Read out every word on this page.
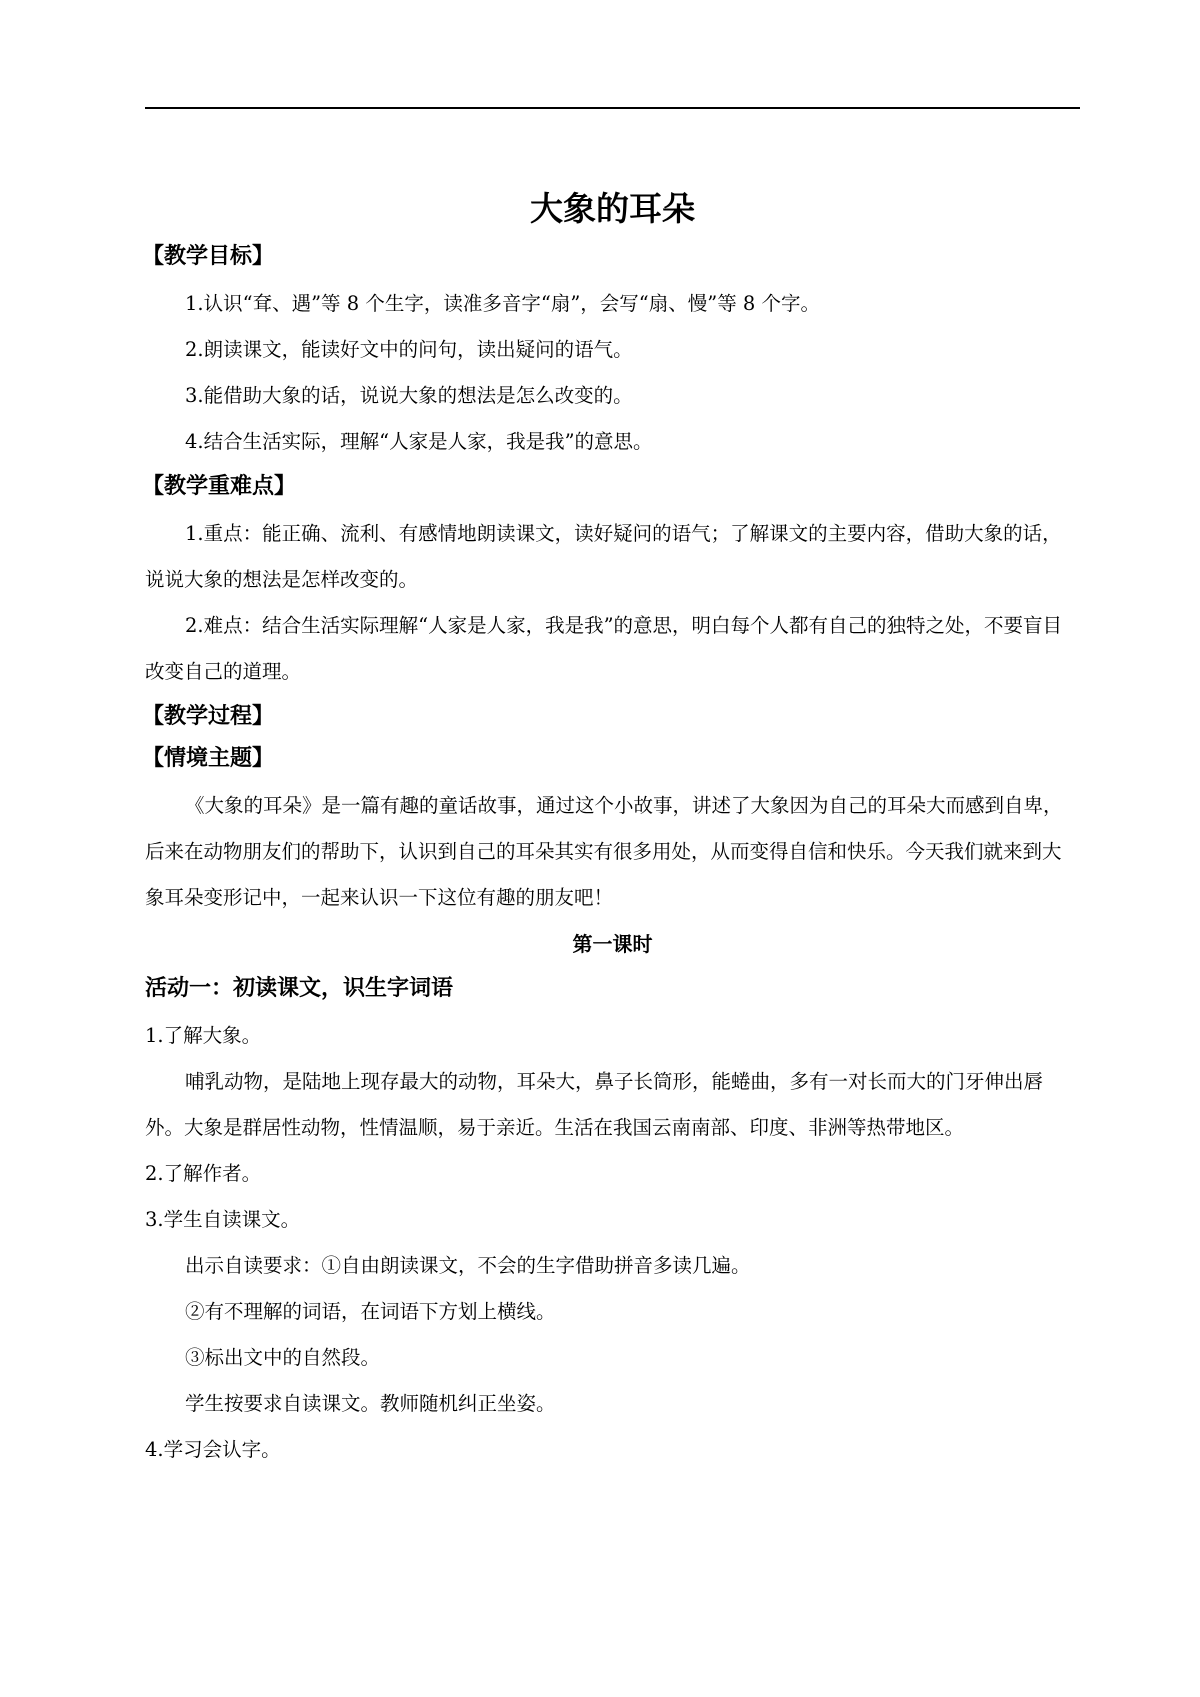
大象的耳朵
【教学目标】

1.认识“耷、遇”等 8 个生字，读准多音字“扇”，会写“扇、慢”等 8 个字。

2.朗读课文，能读好文中的问句，读出疑问的语气。

3.能借助大象的话，说说大象的想法是怎么改变的。

4.结合生活实际，理解“人家是人家，我是我”的意思。

【教学重难点】

1.重点：能正确、流利、有感情地朗读课文，读好疑问的语气；了解课文的主要内容，借助大象的话，说说大象的想法是怎样改变的。

2.难点：结合生活实际理解“人家是人家，我是我”的意思，明白每个人都有自己的独特之处，不要盲目改变自己的道理。

【教学过程】
【情境主题】

《大象的耳朵》是一篇有趣的童话故事，通过这个小故事，讲述了大象因为自己的耳朵大而感到自卑，后来在动物朋友们的帮助下，认识到自己的耳朵其实有很多用处，从而变得自信和快乐。今天我们就来到大象耳朵变形记中，一起来认识一下这位有趣的朋友吧！

第一课时
活动一：初读课文，识生字词语

1.了解大象。

哺乳动物，是陆地上现存最大的动物，耳朵大，鼻子长筒形，能蜷曲，多有一对长而大的门牙伸出唇外。大象是群居性动物，性情温顺，易于亲近。生活在我国云南南部、印度、非洲等热带地区。

2.了解作者。

3.学生自读课文。

出示自读要求：①自由朗读课文，不会的生字借助拼音多读几遍。

②有不理解的词语，在词语下方划上横线。

③标出文中的自然段。

学生按要求自读课文。教师随机纠正坐姿。

4.学习会认字。
